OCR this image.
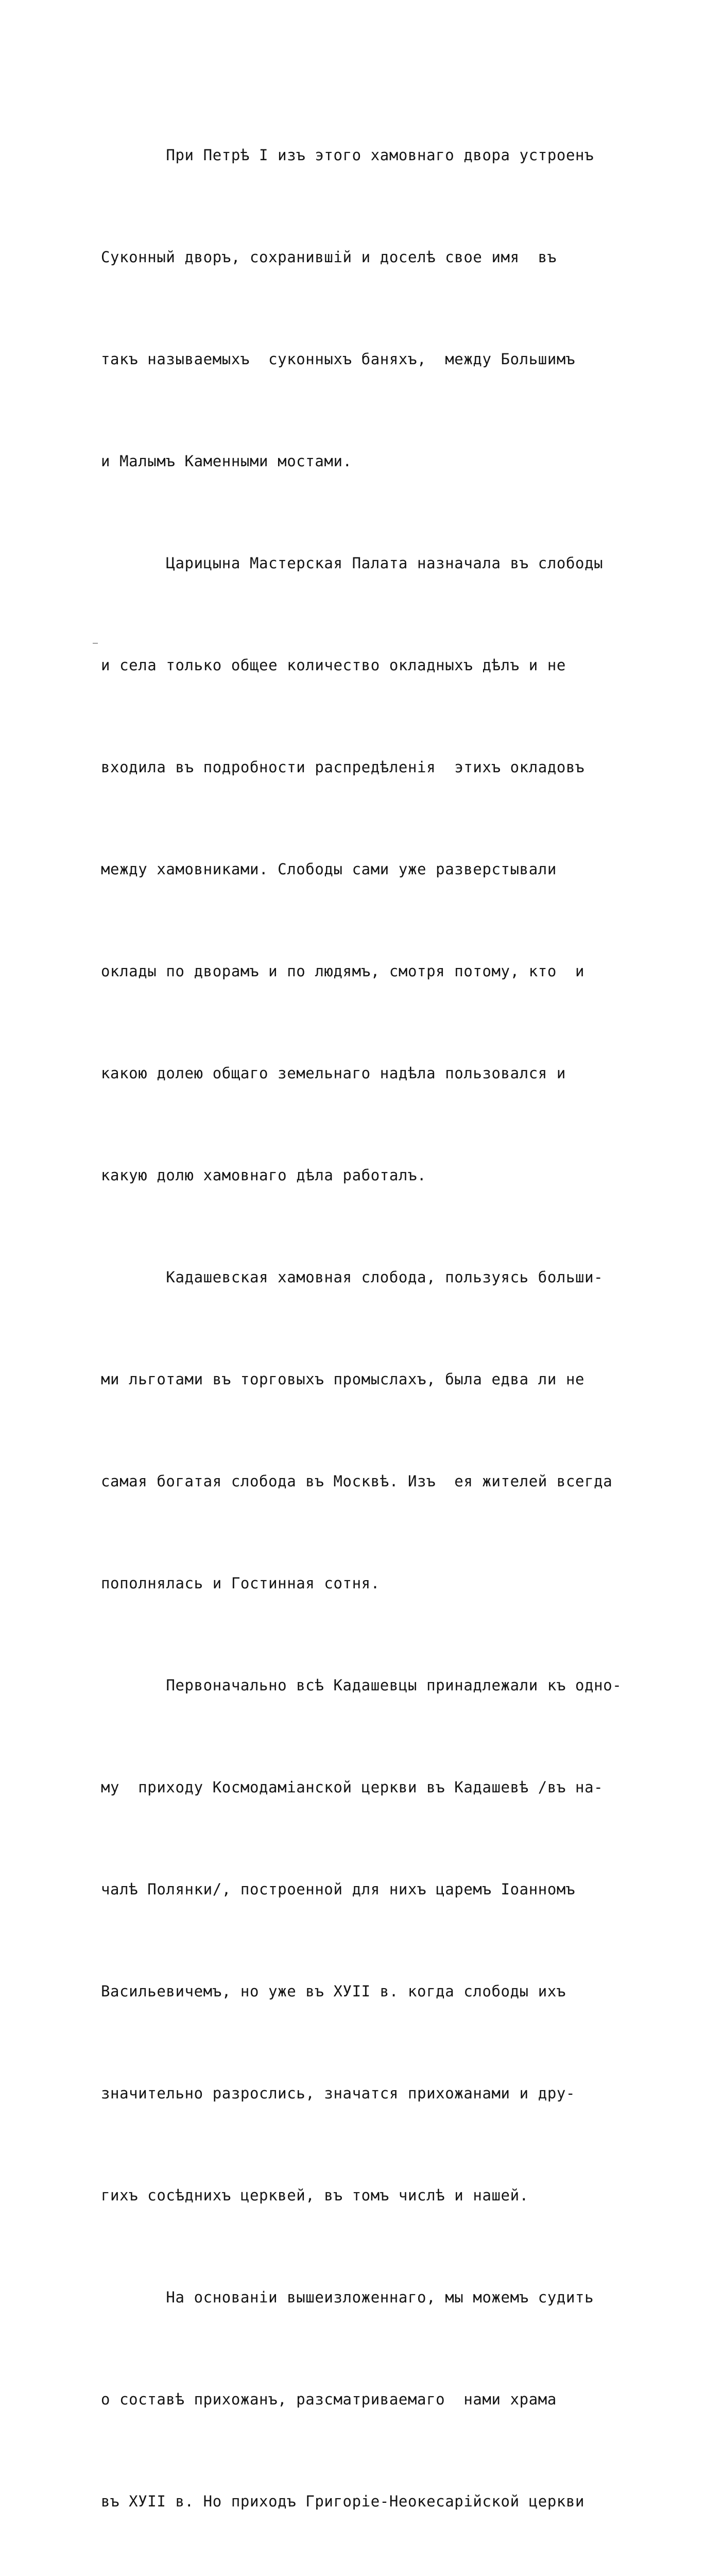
При Петрѣ I изъ этого хамовнаго двора устроенъ

Суконный дворъ, сохранившій и доселѣ свое имя  въ

такъ называемыхъ  суконныхъ баняхъ,  между Большимъ

и Малымъ Каменными мостами.

Царицына Мастерская Палата назначала въ слободы

и села только общее количество окладныхъ дѣлъ и не

входила въ подробности распредѣленія  этихъ окладовъ

между хамовниками. Слободы сами уже разверстывали

оклады по дворамъ и по людямъ, смотря потому, кто  и

какою долею общаго земельнаго надѣла пользовался и

какую долю хамовнаго дѣла работалъ.

Кадашевская хамовная слобода, пользуясь больши-

ми льготами въ торговыхъ промыслахъ, была едва ли не

самая богатая слобода въ Москвѣ. Изъ  ея жителей всегда

пополнялась и Гостинная сотня.

Первоначально всѣ Кадашевцы принадлежали къ одно-

му  приходу Космодаміанской церкви въ Кадашевѣ /въ на-

чалѣ Полянки/, построенной для нихъ царемъ Іоанномъ

Васильевичемъ, но уже въ ХУII в. когда слободы ихъ

значительно разрослись, значатся прихожанами и дру-

гихъ сосѣднихъ церквей, въ томъ числѣ и нашей.

На основаніи вышеизложеннаго, мы можемъ судить

о составѣ прихожанъ, разсматриваемаго  нами храма

въ ХУII в. Но приходъ Григоріе-Неокесарійской церкви
